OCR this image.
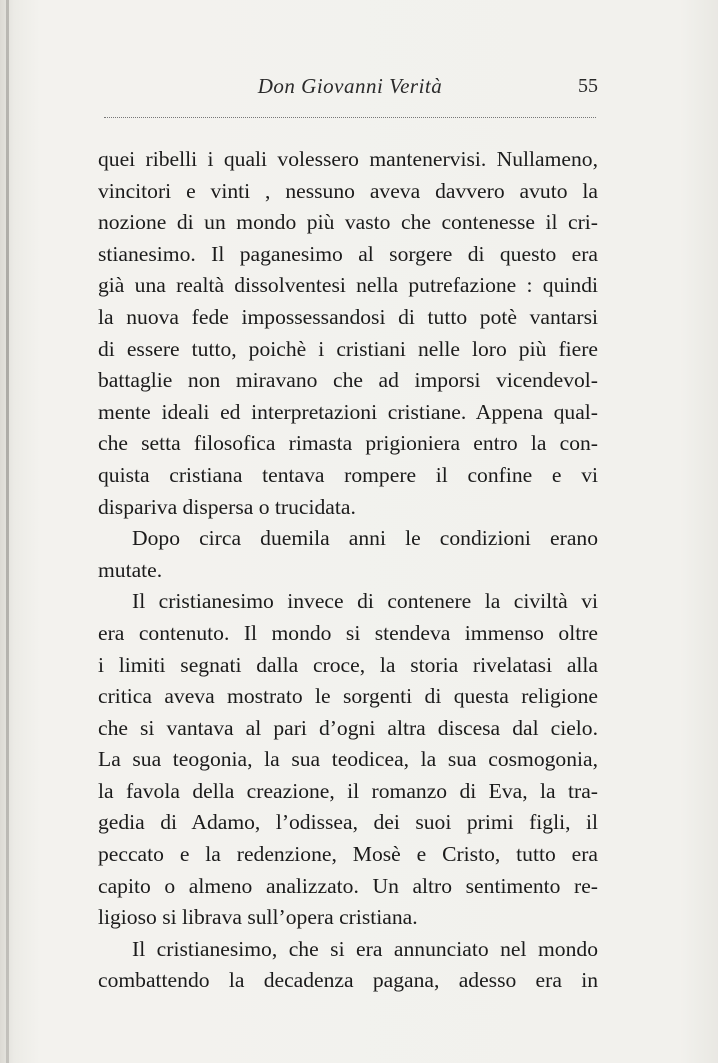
Don Giovanni Verità	55
quei ribelli i quali volessero mantenervisi. Nullameno,
vincitori e vinti , nessuno aveva davvero avuto la
nozione di un mondo più vasto che contenesse il cri-
stianesimo. Il paganesimo al sorgere di questo era
già una realtà dissolventesi nella putrefazione : quindi
la nuova fede impossessandosi di tutto potè vantarsi
di essere tutto, poichè i cristiani nelle loro più fiere
battaglie non miravano che ad imporsi vicendevol-
mente ideali ed interpretazioni cristiane. Appena qual-
che setta filosofica rimasta prigioniera entro la con-
quista cristiana tentava rompere il confine e vi
dispariva dispersa o trucidata.
Dopo circa duemila anni le condizioni erano
mutate.
Il cristianesimo invece di contenere la civiltà vi
era contenuto. Il mondo si stendeva immenso oltre
i limiti segnati dalla croce, la storia rivelatasi alla
critica aveva mostrato le sorgenti di questa religione
che si vantava al pari d’ogni altra discesa dal cielo.
La sua teogonia, la sua teodicea, la sua cosmogonia,
la favola della creazione, il romanzo di Eva, la tra-
gedia di Adamo, l’odissea, dei suoi primi figli, il
peccato e la redenzione, Mosè e Cristo, tutto era
capito o almeno analizzato. Un altro sentimento re-
ligioso si librava sull’opera cristiana.
Il cristianesimo, che si era annunciato nel mondo
combattendo la decadenza pagana, adesso era in
